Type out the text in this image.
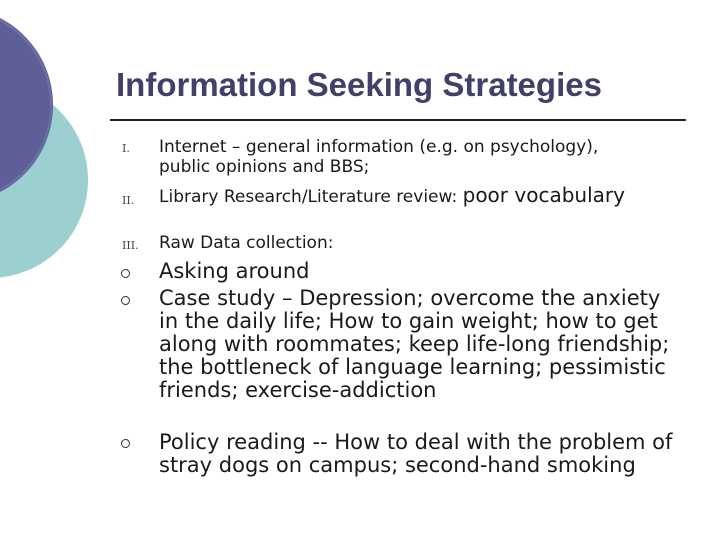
Information Seeking Strategies
I. Internet – general information (e.g. on psychology), public opinions and BBS;
II. Library Research/Literature review: poor vocabulary
III. Raw Data collection:
Asking around
Case study – Depression; overcome the anxiety in the daily life; How to gain weight; how to get along with roommates; keep life-long friendship; the bottleneck of language learning; pessimistic friends; exercise-addiction
Policy reading -- How to deal with the problem of stray dogs on campus; second-hand smoking
